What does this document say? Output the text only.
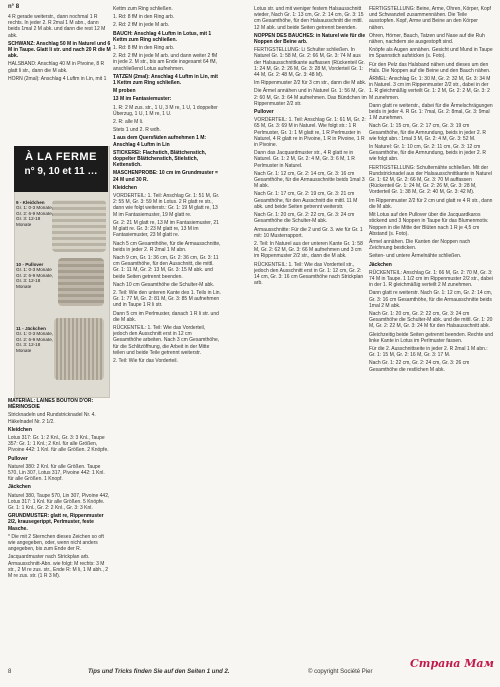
n° 8

4 R gerade weiterstr., dann nochmal 1 R rechts. In jeder 2. R 2mal 1 M abn., dann beids 1mal 2 M abk. und dann die rest 12 M abk.

SCHWANZ: Anschlag 50 M in Naturel und 6 M in Taupe. Glatt li str. und nach 20 R die M abk.

HALSBAND: Anschlag 40 M in Pivoine, 8 R glatt li str., dann die M abk.

HORN (2mal): Anschlag 4 Luftm in Lin, mit 1

À LA FERME
n° 9, 10 et 11 …
9 - Kleidchen
Gr. 1: 0-3 Monate,
Gr. 2: 6-9 Monate,
Gr. 3: 12-18 Monate
10 - Pullover
Gr. 1: 0-3 Monate
Gr. 2: 6-9 Monate,
Gr. 3: 12-18 Monate
11 - Jäckchen
Gr. 1: 0-3 Monate,
Gr. 2: 6-9 Monate,
Gr. 3: 12-18 Monate

MATERIAL: LAINES BOUTON D'OR: MÉRINOSOIE

Stricknadeln und Rundstricknadel Nr. 4. Häkelnadel Nr. 2 1/2.

Kleidchen

Lotus 317: Gr. 1: 2 Knl., Gr. 3: 3 Knl., Taupe 357: Gr. 1: 1 Knl.; 2 Knl. für alle Größen, Pivoine 442: 1 Knl. für alle Größen. 2 Knöpfe.

Pullover

Naturel 380: 2 Knl. für alle Größen. Taupe 570, Lin 307, Lotus 317, Pivoine 442: 1 Knl. für alle Größen. 1 Knopf.

Jäckchen

Naturel 380, Taupe 570, Lin 307, Pivoine 442, Lotus 317: 1 Knl. für alle Größen. 5 Knöpfe. Gr. 1: 1 Knl., Gr. 2: 2 Knl., Gr. 3: 3 Knl.

GRUNDMUSTER: glatt re, Rippenmuster 2/2, krausegerippt, Perlmuster, feste Masche.

* Die mit 2 Sternchen dieses Zeichen so oft wie angegeben, oder, wenn nicht anders angegeben, bis zum Ende der R.

Jacquardmuster nach Strickplan arb. Armausschnitt-Abn. wie folgt: M rechts: 3 M str., 2 M re zus. str., Ende R: M li, 1 M abh., 2 M re zus. str. (1 R 3 M).

Kettm zum Ring schließen.

1. Rd: 8 fM in den Ring arb.

2. Rd: 2 fM in jede M arb.

BAUCH: Anschlag 4 Luftm in Lotus, mit 1 Kettm zum Ring schließen.

1. Rd: 8 fM in den Ring arb.

2. Rd: 2 fM in jede M arb. und dann weiter 2 fM in jede 2. M str., bis am Ende insgesamt 64 fM, anschließend Lotus aufnehmen.

TATZEN (2mal): Anschlag 4 Luftm in Lin, mit 1 Kettm zum Ring schließen.

M proben

13 M im Fantasiemuster:

1. R: 2 M zus. str., 1 U, 3 M re, 1 U, 1 doppelter Überzug, 1 U, 1 M re, 1 U.

2. R: alle M li.

Stets 1 und 2. R wdh.

1 aus dem Quersfäden aufnehmen 1 M: Anschlag 4 Luftm in Lin

STICKEREI: Flachstich, Blättchenstich, doppelter Blättchenstich, Stielstich, Kettenstich.

MASCHENPROBE: 10 cm im Grundmuster = 24 M und 30 R.

Kleidchen

VORDERTEIL: 1. Teil: Anschlag Gr. 1: 51 M, Gr. 2: 55 M, Gr. 3: 59 M in Lotus. 2 R glatt re str., dann wie folgt weiterstr.: Gr. 1: 19 M glatt re, 13 M im Fantasiemuster, 19 M glatt re.

Gr. 2: 21 M glatt re, 13 M im Fantasiemuster, 21 M glatt re. Gr. 3: 23 M glatt re, 13 M im Fantasiemuster, 23 M glatt re.

Nach 5 cm Gesamthöhe, für die Armausschnitte, beids in jeder 2. R 2mal 1 M abn.

Nach 9 cm, Gr. 1: 36 cm, Gr. 2: 36 cm, Gr. 3: 11 cm Gesamthöhe, für den Ausschnitt, die mittl. Gr. 1: 11 M, Gr. 2: 13 M, Gr. 3: 15 M abk. und beide Seiten getrennt beenden.

Nach 10 cm Gesamthöhe die Schulter-M abk.

2. Teil: Wie den unteren Kante des 1. Teils in Lin. Gr. 1: 77 M, Gr. 2: 81 M, Gr. 3: 85 M aufnehmen und in Taupe 1 R li str.

Dann 5 cm im Perlmuster, danach 1 R li str. und die M abk.

RÜCKENTEIL: 1. Teil: Wie das Vorderteil, jedoch den Ausschnitt erst in 12 cm Gesamthöhe arbeiten. Nach 3 cm Gesamthöhe, für die Schlitzöffnung, die Arbeit in der Mitte teilen und beide Teile getrennt weiterstr.

2. Teil: Wie für das Vorderteil.

Lotus str. und mit weniger festem Halsausschnitt wieder, Nach Gr. 1: 13 cm, Gr. 2: 14 cm, Gr. 3: 15 cm Gesamthöhe, für den Halsausschnitt die mittl. 12 M abk. und beide Seiten getrennt beenden.

NOPPEN DES BAUCHES: in Naturel wie für die Noppen der Beine arb.

FERTIGSTELLUNG: Li Schulter schließen. In Naturel Gr. 1: 58 M, Gr. 2: 66 M, Gr. 3: 74 M aus der Halsausschnittkante auffassen (Rückenteil Gr. 1: 24 M, Gr. 2: 26 M, Gr. 3: 28 M, Vorderteil Gr. 1: 44 M, Gr. 2: 48 M, Gr. 3: 48 M).

Im Rippenmuster 2/2 für 3 cm str., dann die M abk.

Die Ärmel annähen und in Naturel Gr. 1: 56 M, Gr. 2: 60 M, Gr. 3: 64 M aufnehmen. Das Bündchen im Rippenmuster 2/2 str.

Pullover

VORDERTEIL: 1. Teil: Anschlag Gr. 1: 61 M, Gr. 2: 65 M, Gr. 3: 69 M in Naturel. Wie folgt str.: 1 R Perlmuster, Gr. 1: 1 M glatt re, 1 R Perlmuster in Naturel, 4 R glatt re in Pivoine, 1 R in Pivoine, 1 R in Pivoine.

Dann das Jacquardmuster str., 4 R glatt re in Naturel. Gr. 1: 2 M, Gr. 2: 4 M, Gr. 3: 6 M, 1 R Perlmuster in Naturel.

Nach Gr. 1: 12 cm, Gr. 2: 14 cm, Gr. 3: 16 cm Gesamthöhe, für die Armausschnitte beids 1mal 3 M abk.

Nach Gr. 1: 17 cm, Gr. 2: 19 cm, Gr. 3: 21 cm Gesamthöhe, für den Ausschnitt die mittl. 11 M abk. und beide Seiten getrennt weiterstr.

Nach Gr. 1: 20 cm, Gr. 2: 22 cm, Gr. 3: 24 cm Gesamthöhe die Schulter-M abk.

Armausschnitte: Für die 2 und Gr. 3. wie für Gr. 1 mit: 10 Musterrapport.

2. Teil: In Naturel aus der unteren Kante Gr. 1: 58 M, Gr. 2: 62 M, Gr. 3: 66 M aufnehmen und 3 cm im Rippenmuster 2/2 str., dann die M abk.

RÜCKENTEIL: 1. Teil: Wie das Vorderteil str., jedoch den Ausschnitt erst in Gr. 1: 12 cm, Gr. 2: 14 cm, Gr. 3: 16 cm Gesamthöhe nach Strickplan arb.

FERTIGSTELLUNG: Beine, Arme, Ohren, Körper, Kopf und Schwanzteil zusammennähen. Die Teile ausstopfen. Kopf, Arme und Beine an den Körper nähen.

Ohren, Hörner, Bauch, Tatzen und Nase auf die Ruh nähen, nachdem sie ausgestopft sind.

Knöpfe als Augen annähen. Gesicht und Mund in Taupe im Spannstich aufsticken (s. Foto).

Für den Pelz das Halsband nähen und dieses um den Hals. Die Noppen auf die Beine und den Bauch nähen.

ÄRMEL: Anschlag Gr. 1: 30 M, Gr. 2: 32 M, Gr. 3: 34 M in Naturel. 3 cm im Rippenmuster 2/2 str., dabei in der 1. R gleichmäßig verteilt Gr. 1: 2 M, Gr. 2: 2 M, Gr. 3: 2 M zunehmen.

Dann glatt re weiterstr., dabei für die Ärmelschrägungen beids in jeder 4. R Gr. 1: 7mal, Gr. 2: 8mal, Gr. 3: 9mal 1 M zunehmen.

Nach Gr. 1: 15 cm, Gr. 2: 17 cm, Gr. 3: 19 cm Gesamthöhe, für die Armrundung, beids in jeder 2. R wie folgt abn.: 1mal 3 M, Gr. 2: 4 M, Gr. 3: 52 M.

In Naturel: Gr. 1: 10 cm, Gr. 2: 11 cm, Gr. 3: 12 cm Gesamthöhe, für die Armrundung, beids in jeder 2. R wie folgt abn.

FERTIGSTELLUNG: Schulternähte schließen. Mit der Rundstricknadel aus der Halsausschnittkante in Naturel Gr. 1: 62 M, Gr. 2: 66 M, Gr. 3: 70 M auffassen (Rückenteil Gr. 1: 24 M, Gr. 2: 26 M, Gr. 3: 28 M, Vorderteil Gr. 1: 38 M, Gr. 2: 40 M, Gr. 3: 42 M).

Im Rippenmuster 2/2 für 2 cm und glatt re 4 R str., dann die M abk.

Mit Lotus auf den Pullover über die Jacquardkaros stickend und 3 Noppen in Taupe für das Blumenmotiv. Noppen in die Mitte der Blüten nach 1 R je 4,5 cm Abstand (s. Foto).

Ärmel annähen. Die Kanten der Noppen nach Zeichnung besticken.

Seiten- und untere Ärmelnähte schließen.

Jäckchen

RÜCKENTEIL: Anschlag Gr. 1: 66 M, Gr. 2: 70 M, Gr. 3: 74 M in Taupe. 1 1/2 cm im Rippenmuster 2/2 str., dabei in der 1. R gleichmäßig verteilt 2 M zunehmen.

Dann glatt re weiterstr. Nach Gr. 1: 12 cm, Gr. 2: 14 cm, Gr. 3: 16 cm Gesamthöhe, für die Armausschnitte beids 1mal 2 M abk.

Nach Gr. 1: 20 cm, Gr. 2: 22 cm, Gr. 3: 24 cm Gesamthöhe die Schulter-M abk. und die mittl. Gr. 1: 20 M, Gr. 2: 22 M, Gr. 3: 24 M für den Halsausschnitt abk.

Gleichzeitig beide Seiten getrennt beenden. Rechte und linke Kante in Lotus im Perlmuster fassen.

Für die 2. Ausschnittseite in jeder 2. R 2mal 1 M abn.: Gr. 1: 15 M, Gr. 2: 16 M, Gr. 3: 17 M.

Nach Gr. 1: 22 cm, Gr. 2: 24 cm, Gr. 3: 26 cm Gesamthöhe die restlichen M abk.

8	Tips und Tricks finden Sie auf den Seiten 1 und 2.	© copyright Société Pier
Страна Мам
